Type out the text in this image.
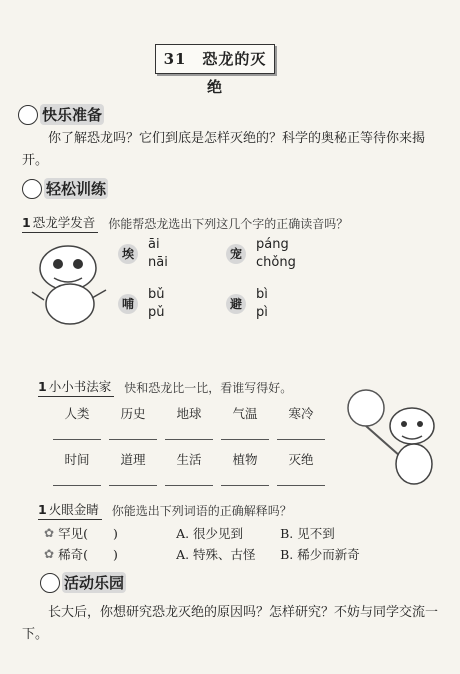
31　恐龙的灭绝
快乐准备
你了解恐龙吗？它们到底是怎样灭绝的？科学的奥秘正等待你来揭开。
轻松训练
1 恐龙学发音 你能帮恐龙选出下列这几个字的正确读音吗？
埃
āi
nāi
宠
páng
chǒng
哺
bǔ
pǔ
避
bì
pì
1 小小书法家 快和恐龙比一比，看谁写得好。
人类	历史	地球	气温	寒冷
时间	道理	生活	植物	灭绝
1 火眼金睛 你能选出下列词语的正确解释吗？
✿ 罕见(　　)	A. 很少见到	B. 见不到
✿ 稀奇(　　)	A. 特殊、古怪	B. 稀少而新奇
活动乐园
长大后，你想研究恐龙灭绝的原因吗？怎样研究？不妨与同学交流一下。
